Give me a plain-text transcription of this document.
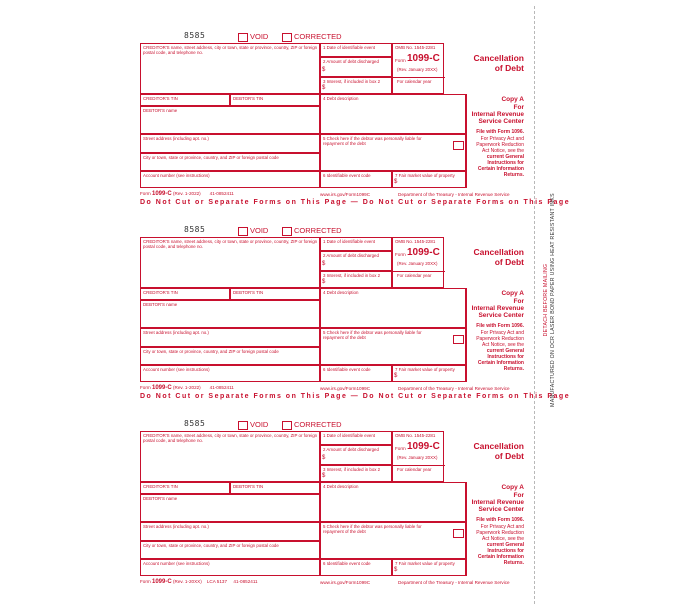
8585	VOID	CORRECTED
CREDITOR'S name, street address, city or town, state or province, country, ZIP or foreign postal code, and telephone no.
1 Date of identifiable event
2 Amount of debt discharged
$
3 Interest, if included in box 2
$
OMB No. 1545-2281
Form 1099-C
(Rev. January 20XX)
For calendar year
Cancellation
of Debt
CREDITOR'S TIN	DEBTOR'S TIN	4 Debt description
DEBTOR'S name
Street address (including apt. no.)	5 Check here if the debtor was personally liable for repayment of the debt
City or town, state or province, country, and ZIP or foreign postal code
Account number (see instructions)	6 Identifiable event code	7 Fair market value of property
$
Copy A
For
Internal Revenue
Service Center
File with Form 1096.
For Privacy Act and
Paperwork Reduction
Act Notice, see the
current General
Instructions for
Certain Information
Returns.
Form 1099-C (Rev. 1-2022) 41-0852411	www.irs.gov/Form1099C	Department of the Treasury - Internal Revenue Service
Do Not Cut or Separate Forms on This Page — Do Not Cut or Separate Forms on This Page
8585	VOID	CORRECTED
CREDITOR'S name, street address, city or town, state or province, country, ZIP or foreign postal code, and telephone no.
1 Date of identifiable event
2 Amount of debt discharged
$
3 Interest, if included in box 2
$
OMB No. 1545-2281
Form 1099-C
(Rev. January 20XX)
For calendar year
Cancellation
of Debt
CREDITOR'S TIN	DEBTOR'S TIN	4 Debt description
DEBTOR'S name
Street address (including apt. no.)	5 Check here if the debtor was personally liable for repayment of the debt
City or town, state or province, country, and ZIP or foreign postal code
Account number (see instructions)	6 Identifiable event code	7 Fair market value of property
$
Copy A
For
Internal Revenue
Service Center
File with Form 1096.
For Privacy Act and
Paperwork Reduction
Act Notice, see the
current General
Instructions for
Certain Information
Returns.
Form 1099-C (Rev. 1-2022) 41-0852411	www.irs.gov/Form1099C	Department of the Treasury - Internal Revenue Service
Do Not Cut or Separate Forms on This Page — Do Not Cut or Separate Forms on This Page
8585	VOID	CORRECTED
CREDITOR'S name, street address, city or town, state or province, country, ZIP or foreign postal code, and telephone no.
1 Date of identifiable event
2 Amount of debt discharged
$
3 Interest, if included in box 2
$
OMB No. 1545-2281
Form 1099-C
(Rev. January 20XX)
For calendar year
Cancellation
of Debt
CREDITOR'S TIN	DEBTOR'S TIN	4 Debt description
DEBTOR'S name
Street address (including apt. no.)	5 Check here if the debtor was personally liable for repayment of the debt
City or town, state or province, country, and ZIP or foreign postal code
Account number (see instructions)	6 Identifiable event code	7 Fair market value of property
$
Copy A
For
Internal Revenue
Service Center
File with Form 1096.
For Privacy Act and
Paperwork Reduction
Act Notice, see the
current General
Instructions for
Certain Information
Returns.
Form 1099-C (Rev. 1-20XX) LCA 5137 41-0852411	www.irs.gov/Form1099C	Department of the Treasury - Internal Revenue Service
DETACH BEFORE MAILING MANUFACTURED ON OCR LASER BOND PAPER USING HEAT RESISTANT INKS
